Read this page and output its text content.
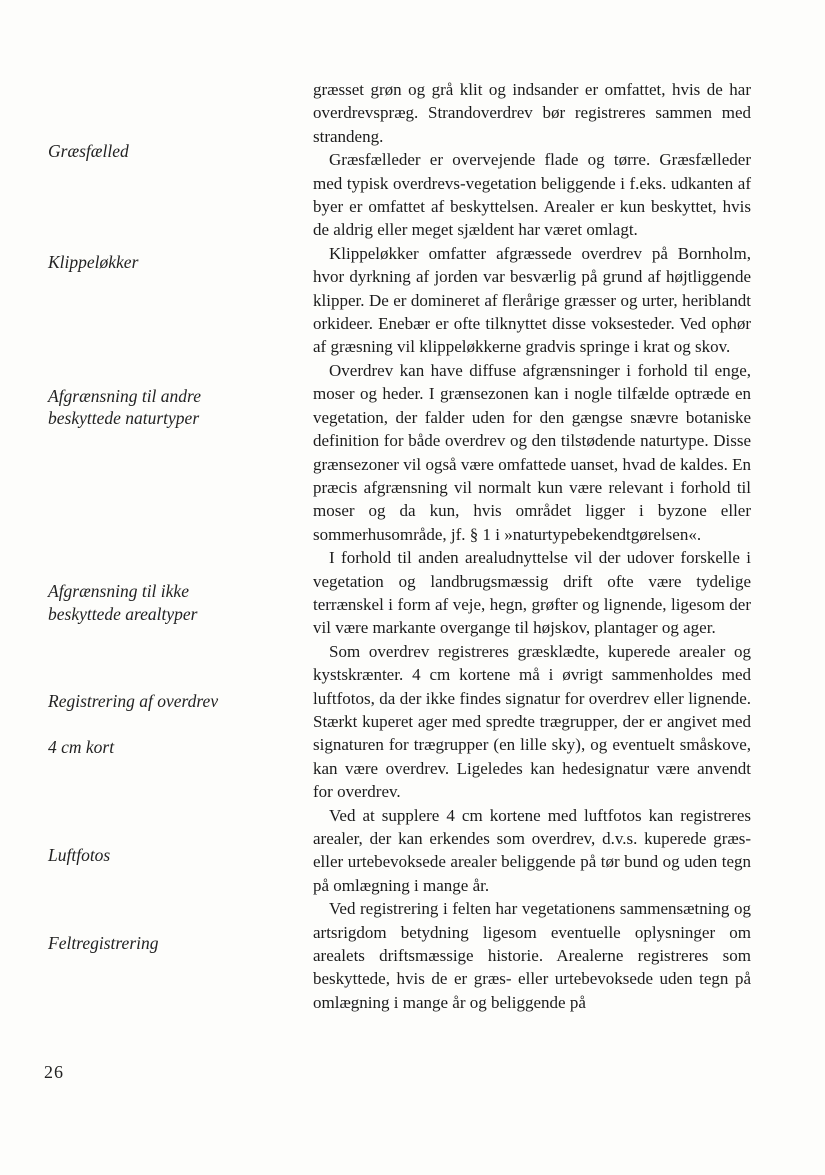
Græsfælled
Klippeløkker
Afgrænsning til andre
beskyttede naturtyper
Afgrænsning til ikke
beskyttede arealtyper
Registrering af overdrev
4 cm kort
Luftfotos
Feltregistrering

græsset grøn og grå klit og indsander er omfattet, hvis de har overdrevspræg. Strandoverdrev bør registreres sammen med strandeng.

Græsfælleder er overvejende flade og tørre. Græsfælleder med typisk overdrevs-vegetation beliggende i f.eks. udkanten af byer er omfattet af beskyttelsen. Arealer er kun beskyttet, hvis de aldrig eller meget sjældent har været omlagt.

Klippeløkker omfatter afgræssede overdrev på Bornholm, hvor dyrkning af jorden var besværlig på grund af højtliggende klipper. De er domineret af flerårige græsser og urter, heriblandt orkideer. Enebær er ofte tilknyttet disse voksesteder. Ved ophør af græsning vil klippeløkkerne gradvis springe i krat og skov.

Overdrev kan have diffuse afgrænsninger i forhold til enge, moser og heder. I grænsezonen kan i nogle tilfælde optræde en vegetation, der falder uden for den gængse snævre botaniske definition for både overdrev og den tilstødende naturtype. Disse grænsezoner vil også være omfattede uanset, hvad de kaldes. En præcis afgrænsning vil normalt kun være relevant i forhold til moser og da kun, hvis området ligger i byzone eller sommerhusområde, jf. § 1 i »naturtypebekendtgørelsen«.

I forhold til anden arealudnyttelse vil der udover forskelle i vegetation og landbrugsmæssig drift ofte være tydelige terrænskel i form af veje, hegn, grøfter og lignende, ligesom der vil være markante overgange til højskov, plantager og ager.

Som overdrev registreres græsklædte, kuperede arealer og kystskrænter. 4 cm kortene må i øvrigt sammenholdes med luftfotos, da der ikke findes signatur for overdrev eller lignende. Stærkt kuperet ager med spredte trægrupper, der er angivet med signaturen for trægrupper (en lille sky), og eventuelt småskove, kan være overdrev. Ligeledes kan hedesignatur være anvendt for overdrev.

Ved at supplere 4 cm kortene med luftfotos kan registreres arealer, der kan erkendes som overdrev, d.v.s. kuperede græs- eller urtebevoksede arealer beliggende på tør bund og uden tegn på omlægning i mange år.

Ved registrering i felten har vegetationens sammensætning og artsrigdom betydning ligesom eventuelle oplysninger om arealets driftsmæssige historie. Arealerne registreres som beskyttede, hvis de er græs- eller urtebevoksede uden tegn på omlægning i mange år og beliggende på

26
